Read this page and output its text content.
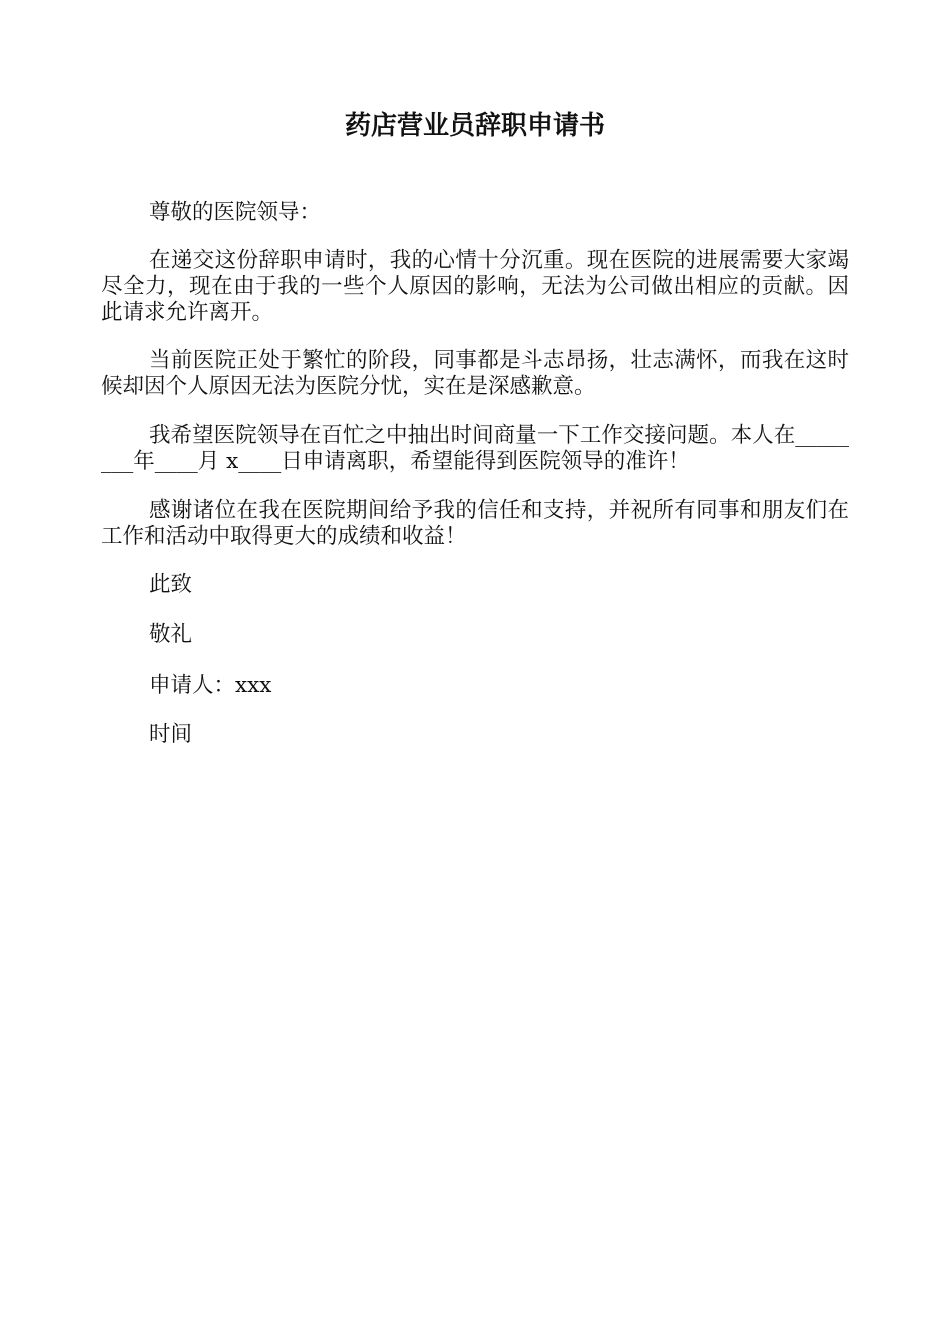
药店营业员辞职申请书

尊敬的医院领导：

在递交这份辞职申请时，我的心情十分沉重。现在医院的进展需要大家竭尽全力，现在由于我的一些个人原因的影响，无法为公司做出相应的贡献。因此请求允许离开。

当前医院正处于繁忙的阶段，同事都是斗志昂扬，壮志满怀，而我在这时候却因个人原因无法为医院分忧，实在是深感歉意。

我希望医院领导在百忙之中抽出时间商量一下工作交接问题。本人在________年____月 x____日申请离职，希望能得到医院领导的准许！

感谢诸位在我在医院期间给予我的信任和支持，并祝所有同事和朋友们在工作和活动中取得更大的成绩和收益！

此致

敬礼

申请人：xxx

时间
